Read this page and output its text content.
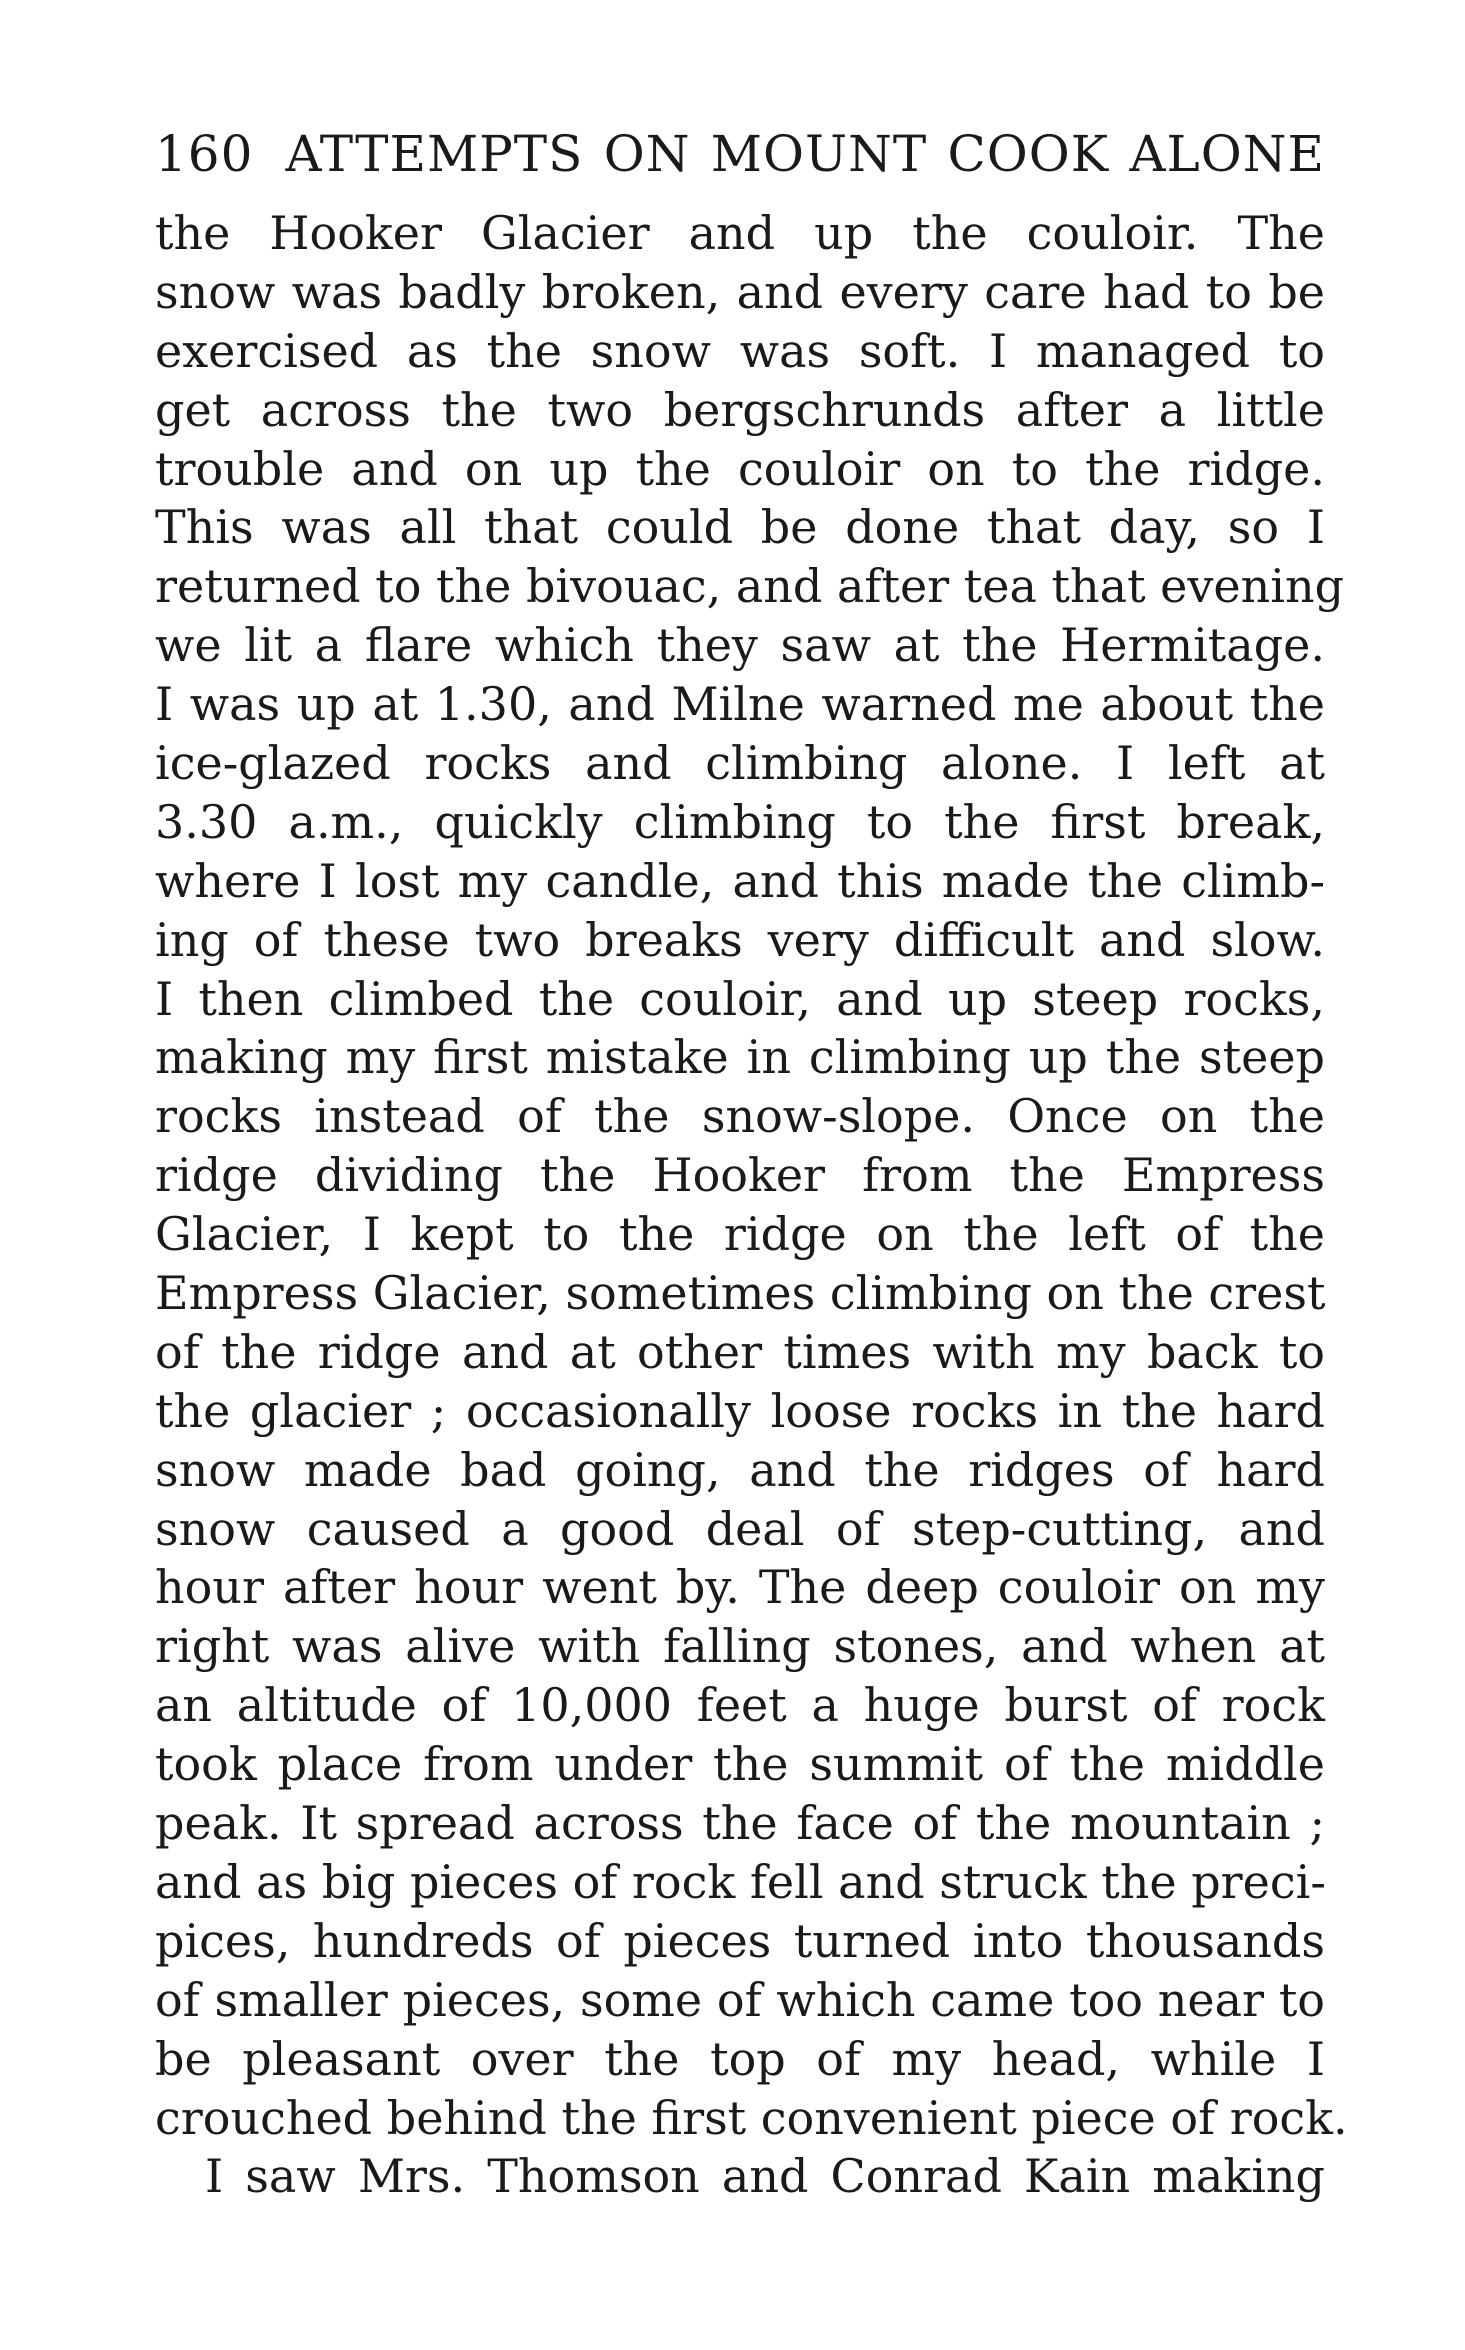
160 ATTEMPTS ON MOUNT COOK ALONE
the Hooker Glacier and up the couloir. The
snow was badly broken, and every care had to be
exercised as the snow was soft. I managed to
get across the two bergschrunds after a little
trouble and on up the couloir on to the ridge.
This was all that could be done that day, so I
returned to the bivouac, and after tea that evening
we lit a flare which they saw at the Hermitage.
I was up at 1.30, and Milne warned me about the
ice-glazed rocks and climbing alone. I left at
3.30 a.m., quickly climbing to the first break,
where I lost my candle, and this made the climb-
ing of these two breaks very difficult and slow.
I then climbed the couloir, and up steep rocks,
making my first mistake in climbing up the steep
rocks instead of the snow-slope. Once on the
ridge dividing the Hooker from the Empress
Glacier, I kept to the ridge on the left of the
Empress Glacier, sometimes climbing on the crest
of the ridge and at other times with my back to
the glacier ; occasionally loose rocks in the hard
snow made bad going, and the ridges of hard
snow caused a good deal of step-cutting, and
hour after hour went by. The deep couloir on my
right was alive with falling stones, and when at
an altitude of 10,000 feet a huge burst of rock
took place from under the summit of the middle
peak. It spread across the face of the mountain ;
and as big pieces of rock fell and struck the preci-
pices, hundreds of pieces turned into thousands
of smaller pieces, some of which came too near to
be pleasant over the top of my head, while I
crouched behind the first convenient piece of rock.
I saw Mrs. Thomson and Conrad Kain making
